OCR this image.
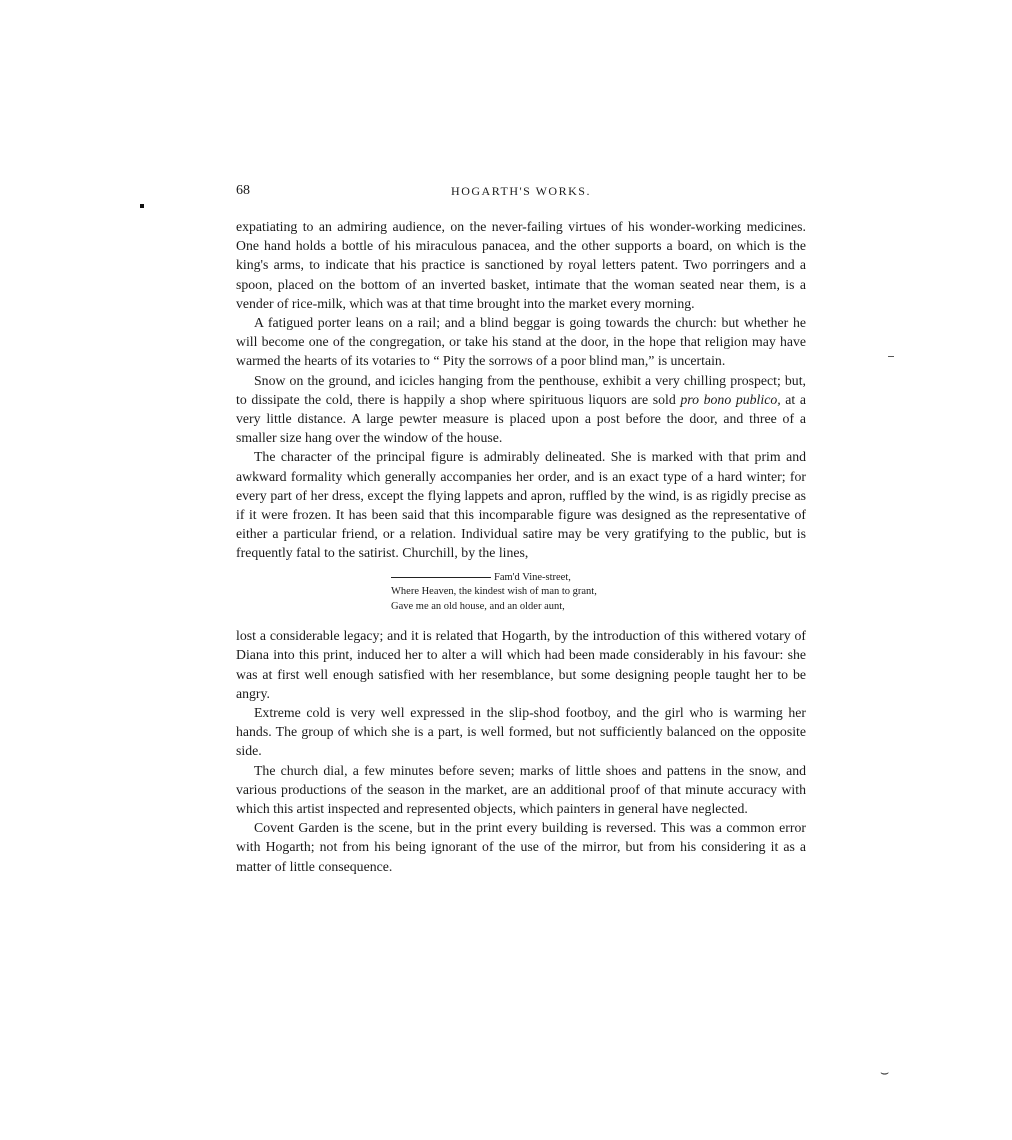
⌣
68	HOGARTH'S WORKS.

expatiating to an admiring audience, on the never-failing virtues of his wonder-working medicines. One hand holds a bottle of his miraculous panacea, and the other supports a board, on which is the king's arms, to indicate that his practice is sanctioned by royal letters patent. Two porringers and a spoon, placed on the bottom of an inverted basket, intimate that the woman seated near them, is a vender of rice-milk, which was at that time brought into the market every morning.

A fatigued porter leans on a rail; and a blind beggar is going towards the church: but whether he will become one of the congregation, or take his stand at the door, in the hope that religion may have warmed the hearts of its votaries to “ Pity the sorrows of a poor blind man,” is uncertain.

Snow on the ground, and icicles hanging from the penthouse, exhibit a very chilling prospect; but, to dissipate the cold, there is happily a shop where spirituous liquors are sold pro bono publico, at a very little distance. A large pewter measure is placed upon a post before the door, and three of a smaller size hang over the window of the house.

The character of the principal figure is admirably delineated. She is marked with that prim and awkward formality which generally accompanies her order, and is an exact type of a hard winter; for every part of her dress, except the flying lappets and apron, ruffled by the wind, is as rigidly precise as if it were frozen. It has been said that this incomparable figure was designed as the representative of either a particular friend, or a relation. Individual satire may be very gratifying to the public, but is frequently fatal to the satirist. Churchill, by the lines,

Fam'd Vine-street,
Where Heaven, the kindest wish of man to grant,
Gave me an old house, and an older aunt,

lost a considerable legacy; and it is related that Hogarth, by the introduction of this withered votary of Diana into this print, induced her to alter a will which had been made considerably in his favour: she was at first well enough satisfied with her resemblance, but some designing people taught her to be angry.

Extreme cold is very well expressed in the slip-shod footboy, and the girl who is warming her hands. The group of which she is a part, is well formed, but not sufficiently balanced on the opposite side.

The church dial, a few minutes before seven; marks of little shoes and pattens in the snow, and various productions of the season in the market, are an additional proof of that minute accuracy with which this artist inspected and represented objects, which painters in general have neglected.

Covent Garden is the scene, but in the print every building is reversed. This was a common error with Hogarth; not from his being ignorant of the use of the mirror, but from his considering it as a matter of little consequence.
